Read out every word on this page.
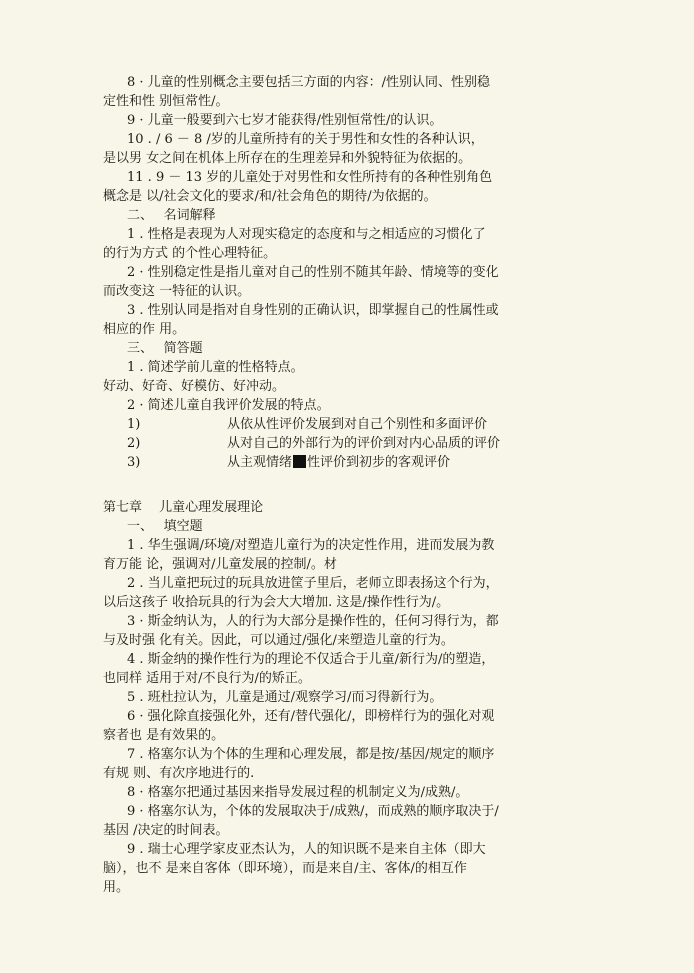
8 · 儿童的性别概念主要包括三方面的内容：/性别认同、性别稳
定性和性 别恒常性/。
9 · 儿童一般要到六七岁才能获得/性别恒常性/的认识。
10 . / 6 － 8 /岁的儿童所持有的关于男性和女性的各种认识，
是以男 女之间在机体上所存在的生理差异和外貌特征为依据的。
11 . 9 － 13 岁的儿童处于对男性和女性所持有的各种性别角色
概念是 以/社会文化的要求/和/社会角色的期待/为依据的。
二、　 名词解释
1 . 性格是表现为人对现实稳定的态度和与之相适应的习惯化了
的行为方式 的个性心理特征。
2 · 性别稳定性是指儿童对自己的性别不随其年龄、情境等的变化
而改变这 一特征的认识。
3 . 性别认同是指对自身性别的正确认识，即掌握自己的性属性或
相应的作 用。
三、　 简答题
1 . 简述学前儿童的性格特点。
好动、好奇、好模仿、好冲动。
2 · 简述儿童自我评价发展的特点。
1)	从依从性评价发展到对自己个别性和多面评价
2)	从对自己的外部行为的评价到对内心品质的评价
3)	从主观情绪 性评价到初步的客观评价
第七章　 儿童心理发展理论
一、　 填空题
1 . 华生强调/环境/对塑造儿童行为的决定性作用，进而发展为教
育万能 论，强调对/儿童发展的控制/。材
2 . 当儿童把玩过的玩具放进筐子里后，老师立即表扬这个行为，
以后这孩子 收拾玩具的行为会大大增加. 这是/操作性行为/。
3 · 斯金纳认为，人的行为大部分是操作性的，任何习得行为，都
与及时强 化有关。因此，可以通过/强化/来塑造儿童的行为。
4 . 斯金纳的操作性行为的理论不仅适合于儿童/新行为/的塑造，
也同样 适用于对/不良行为/的矫正。
5 . 班杜拉认为，儿童是通过/观察学习/而习得新行为。
6 · 强化除直接强化外，还有/替代强化/，即榜样行为的强化对观
察者也 是有效果的。
7 . 格塞尔认为个体的生理和心理发展，都是按/基因/规定的顺序
有规 则、有次序地进行的.
8 · 格塞尔把通过基因来指导发展过程的机制定义为/成熟/。
9 · 格塞尔认为，个体的发展取决于/成熟/，而成熟的顺序取决于/
基因 /决定的时间表。
9 . 瑞士心理学家皮亚杰认为，人的知识既不是来自主体（即大
脑），也不 是来自客体（即环境），而是来自/主、客体/的相互作
用。
